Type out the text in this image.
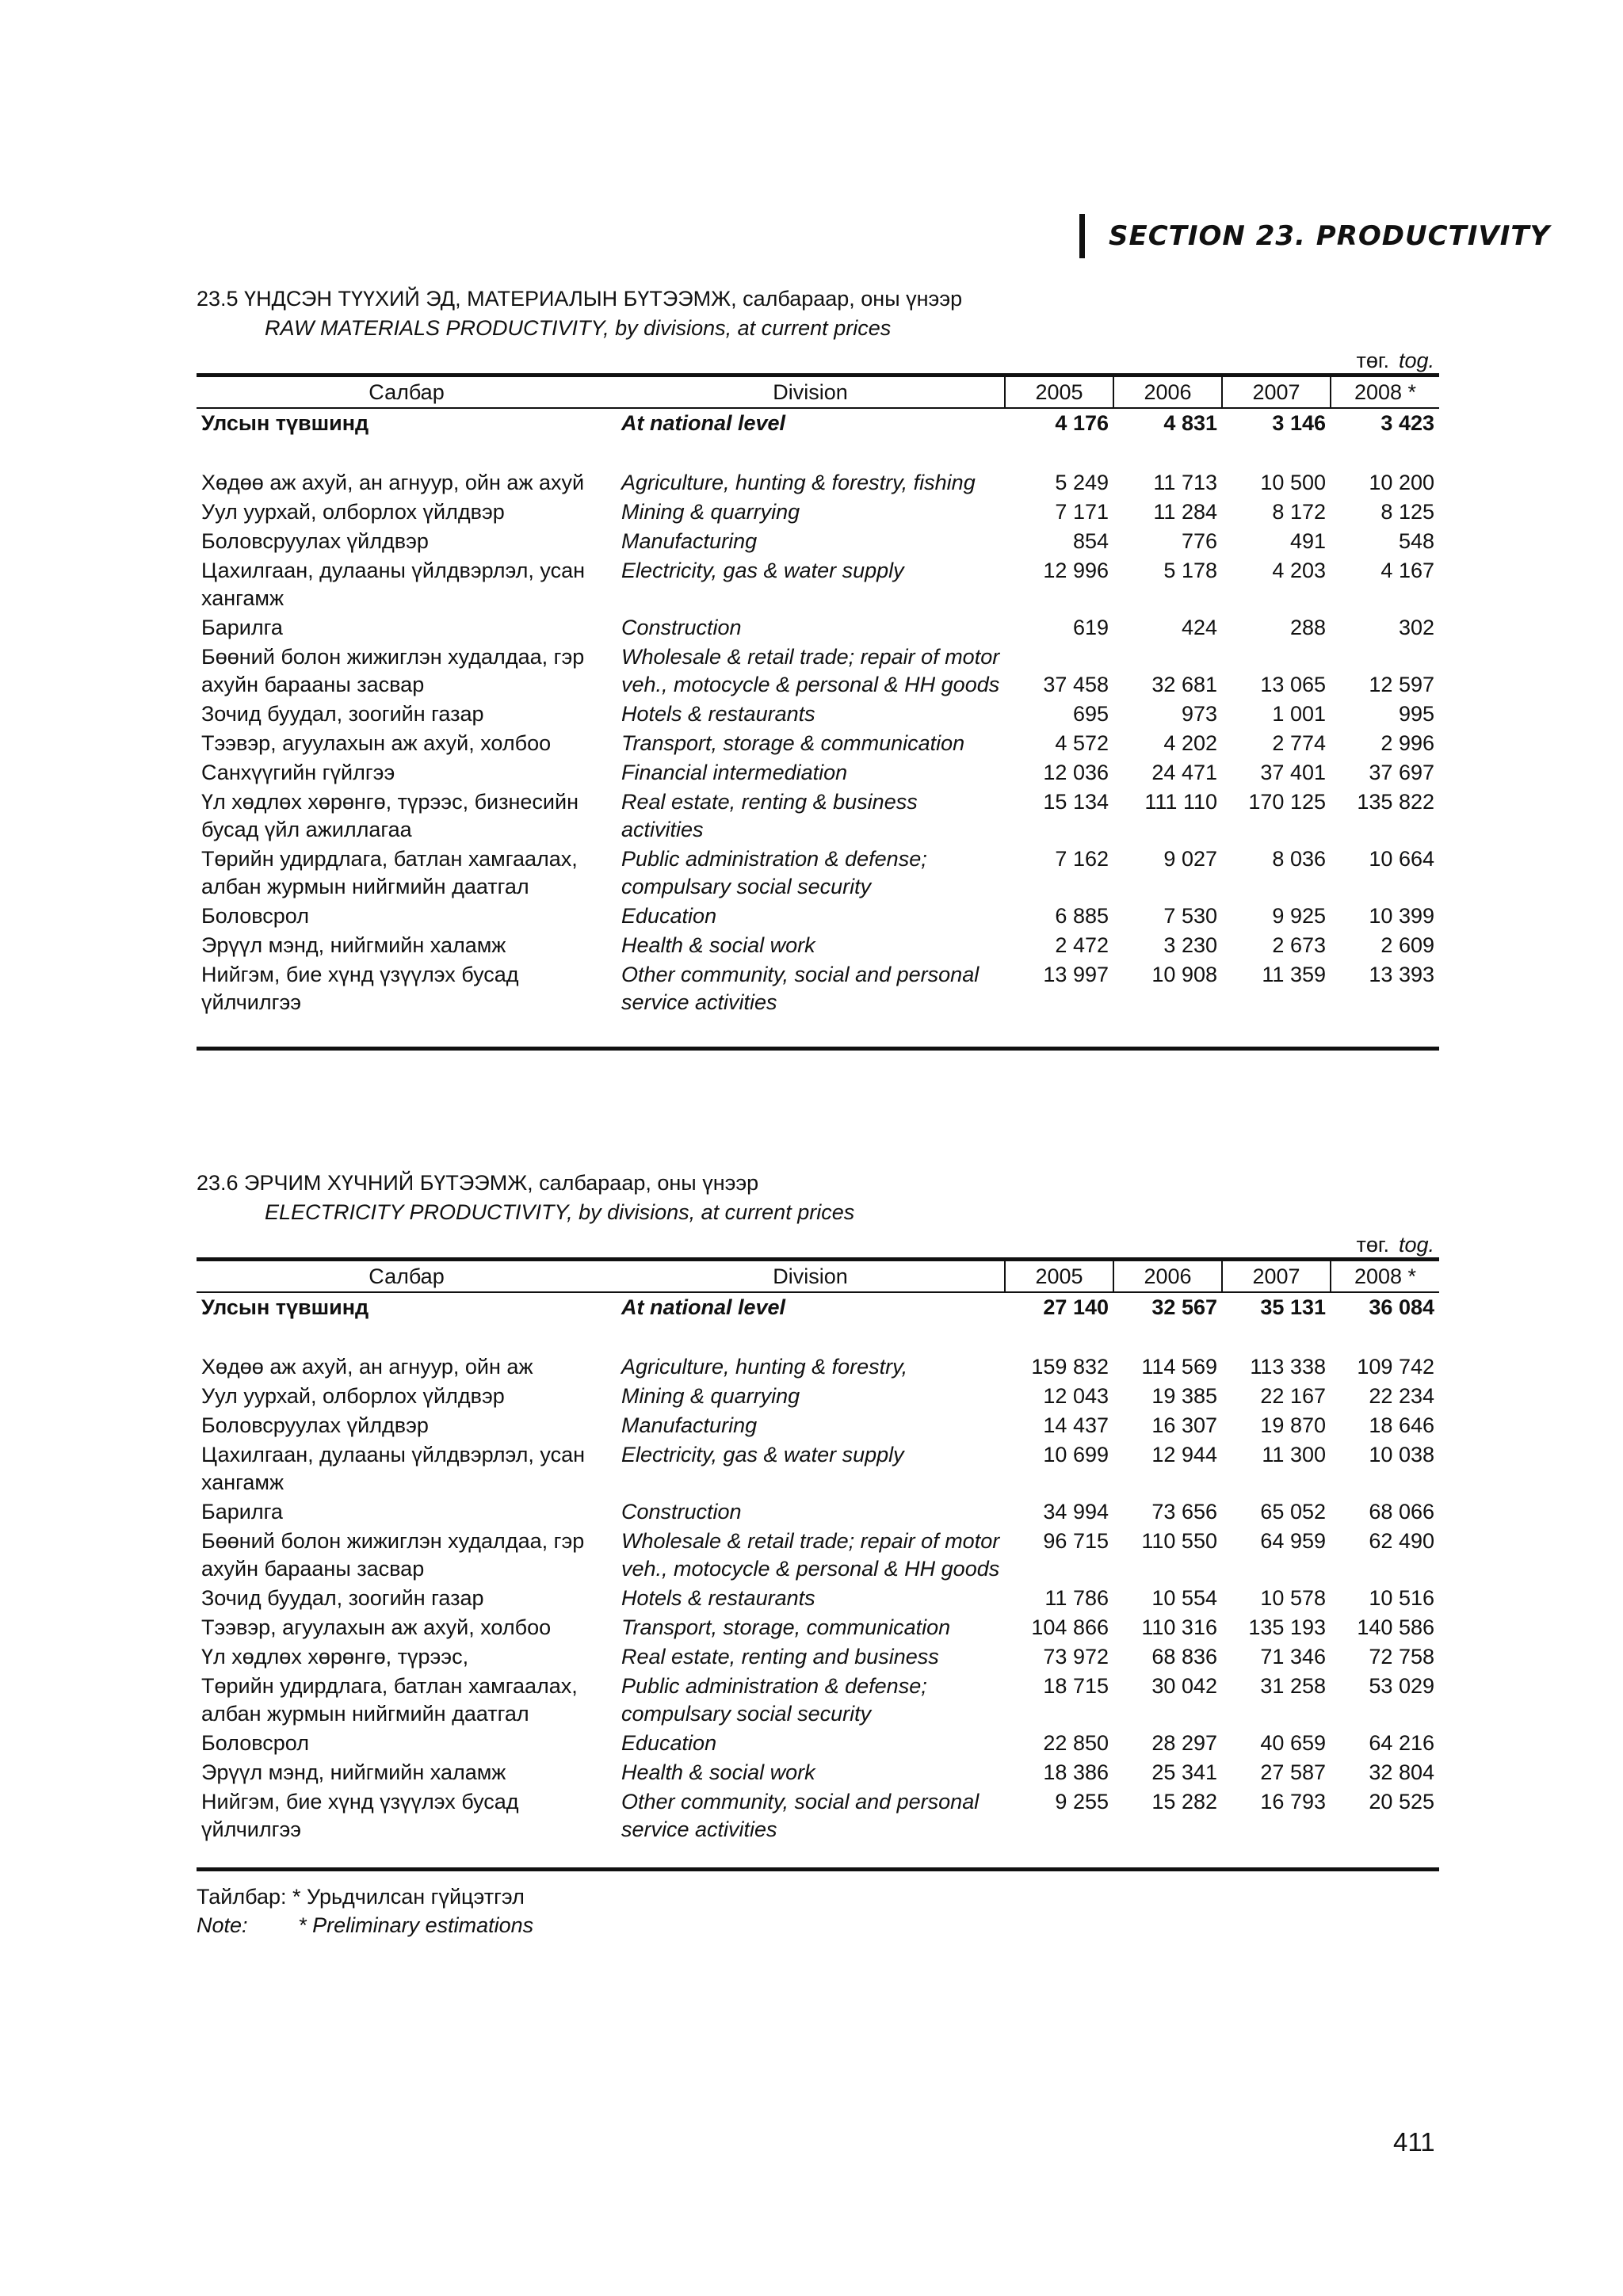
SECTION 23. PRODUCTIVITY
23.5 ҮНДСЭН ТҮҮХИЙ ЭД, МАТЕРИАЛЫН БҮТЭЭМЖ, салбараар, оны үнээр
RAW MATERIALS PRODUCTIVITY, by divisions, at current prices
төг. tog.
Салбар	Division	2005	2006	2007	2008 *
Улсын түвшинд	At national level	4 176	4 831	3 146	3 423

Хөдөө аж ахуй, ан агнуур, ойн аж ахуй	Agriculture, hunting & forestry, fishing	5 249	11 713	10 500	10 200
Уул уурхай, олборлох үйлдвэр	Mining & quarrying	7 171	11 284	8 172	8 125
Боловсруулах үйлдвэр	Manufacturing	854	776	491	548
Цахилгаан, дулааны үйлдвэрлэл, усан хангамж	Electricity, gas & water supply	12 996	5 178	4 203	4 167
Барилга	Construction	619	424	288	302
Бөөний болон жижиглэн худалдаа, гэр ахуйн барааны засвар	Wholesale & retail trade; repair of motor veh., motocycle & personal & HH goods	37 458	32 681	13 065	12 597
Зочид буудал, зоогийн газар	Hotels & restaurants	695	973	1 001	995
Тээвэр, агуулахын аж ахуй, холбоо	Transport, storage & communication	4 572	4 202	2 774	2 996
Санхүүгийн гүйлгээ	Financial intermediation	12 036	24 471	37 401	37 697
Үл хөдлөх хөрөнгө, түрээс, бизнесийн бусад үйл ажиллагаа	Real estate, renting & business activities	15 134	111 110	170 125	135 822
Төрийн удирдлага, батлан хамгаалах, албан журмын нийгмийн даатгал	Public administration & defense; compulsary social security	7 162	9 027	8 036	10 664
Боловсрол	Education	6 885	7 530	9 925	10 399
Эрүүл мэнд, нийгмийн халамж	Health & social work	2 472	3 230	2 673	2 609
Нийгэм, бие хүнд үзүүлэх бусад үйлчилгээ	Other community, social and personal service activities	13 997	10 908	11 359	13 393
23.6 ЭРЧИМ ХҮЧНИЙ БҮТЭЭМЖ, салбараар, оны үнээр
ELECTRICITY PRODUCTIVITY, by divisions, at current prices
төг. tog.
Салбар	Division	2005	2006	2007	2008 *
Улсын түвшинд	At national level	27 140	32 567	35 131	36 084

Хөдөө аж ахуй, ан агнуур, ойн аж	Agriculture, hunting & forestry,	159 832	114 569	113 338	109 742
Уул уурхай, олборлох үйлдвэр	Mining & quarrying	12 043	19 385	22 167	22 234
Боловсруулах үйлдвэр	Manufacturing	14 437	16 307	19 870	18 646
Цахилгаан, дулааны үйлдвэрлэл, усан хангамж	Electricity, gas & water supply	10 699	12 944	11 300	10 038
Барилга	Construction	34 994	73 656	65 052	68 066
Бөөний болон жижиглэн худалдаа, гэр ахуйн барааны засвар	Wholesale & retail trade; repair of motor veh., motocycle & personal & HH goods	96 715	110 550	64 959	62 490
Зочид буудал, зоогийн газар	Hotels & restaurants	11 786	10 554	10 578	10 516
Тээвэр, агуулахын аж ахуй, холбоо	Transport, storage, communication	104 866	110 316	135 193	140 586
Үл хөдлөх хөрөнгө, түрээс,	Real estate, renting and business	73 972	68 836	71 346	72 758
Төрийн удирдлага, батлан хамгаалах, албан журмын нийгмийн даатгал	Public administration & defense; compulsary social security	18 715	30 042	31 258	53 029
Боловсрол	Education	22 850	28 297	40 659	64 216
Эрүүл мэнд, нийгмийн халамж	Health & social work	18 386	25 341	27 587	32 804
Нийгэм, бие хүнд үзүүлэх бусад үйлчилгээ	Other community, social and personal service activities	9 255	15 282	16 793	20 525
Тайлбар: * Урьдчилсан гүйцэтгэл
Note: * Preliminary estimations
411
